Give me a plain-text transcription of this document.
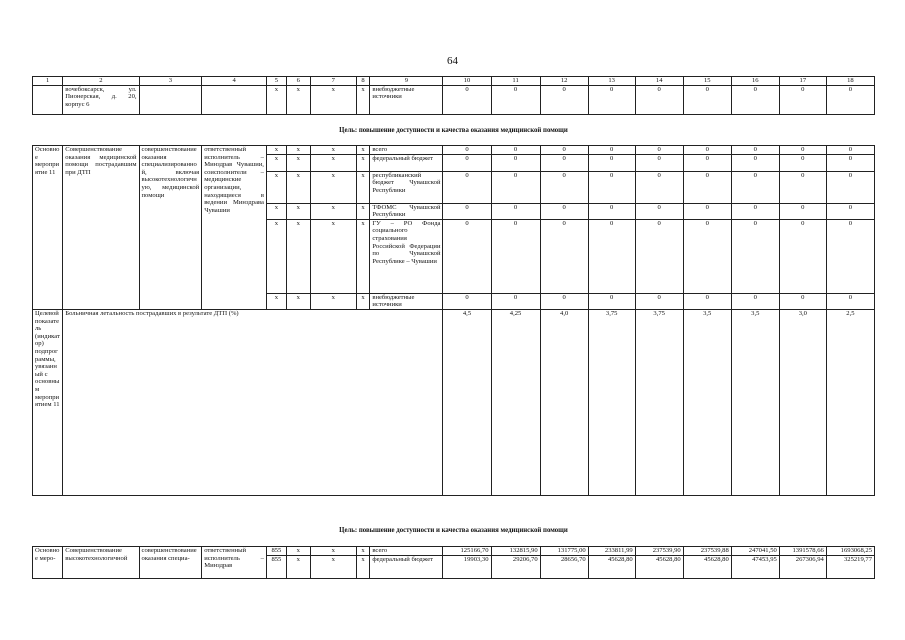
64
1	2	3	4	5	6	7	8	9	10	11	12	13	14	15	16	17	18
	вочебоксарск, ул. Пионерская, д. 20, корпус 6			x	x	x	x	внебюджетные источники	0	0	0	0	0	0	0	0	0
Цель: повышение доступности и качества оказания медицинской помощи
Основное мероприятие 11	Совершенствование оказания медицинской помощи пострадавшим при ДТП	совершенствование оказания специализированной, включая высокотехнологичную, медицинской помощи	ответственный исполнитель – Минздрав Чувашии, соисполнители – медицинские организации, находящиеся в ведении Минздрава Чувашии	x	x	x	x	всего	0	0	0	0	0	0	0	0	0
				x	x	x	x	федеральный бюджет	0	0	0	0	0	0	0	0	0
				x	x	x	x	республиканский бюджет Чувашской Республики	0	0	0	0	0	0	0	0	0
				x	x	x	x	ТФОМС Чувашской Республики	0	0	0	0	0	0	0	0	0
				x	x	x	x	ГУ – РО Фонда социального страхования Российской Федерации по Чувашской Республике – Чувашии	0	0	0	0	0	0	0	0	0
				x	x	x	x	внебюджетные источники	0	0	0	0	0	0	0	0	0
Целевой показатель (индикатор) подпрограммы, увязанный с основным мероприятием 11	Больничная летальность пострадавших в результате ДТП (%)								4,5	4,25	4,0	3,75	3,75	3,5	3,5	3,0	2,5
Цель: повышение доступности и качества оказания медицинской помощи
Основное меро-	Совершенствование высокотехнологичной	совершенствование оказания специа-	ответственный исполнитель – Минздрав	855	x	x	x	всего	125166,70	132815,90	131775,00	233811,99	237539,90	237539,88	247041,50	1391578,66	1693068,25
				855	x	x	x	федеральный бюджет	19903,30	29206,70	28656,70	45628,80	45628,80	45628,80	47453,95	267306,94	325219,77
